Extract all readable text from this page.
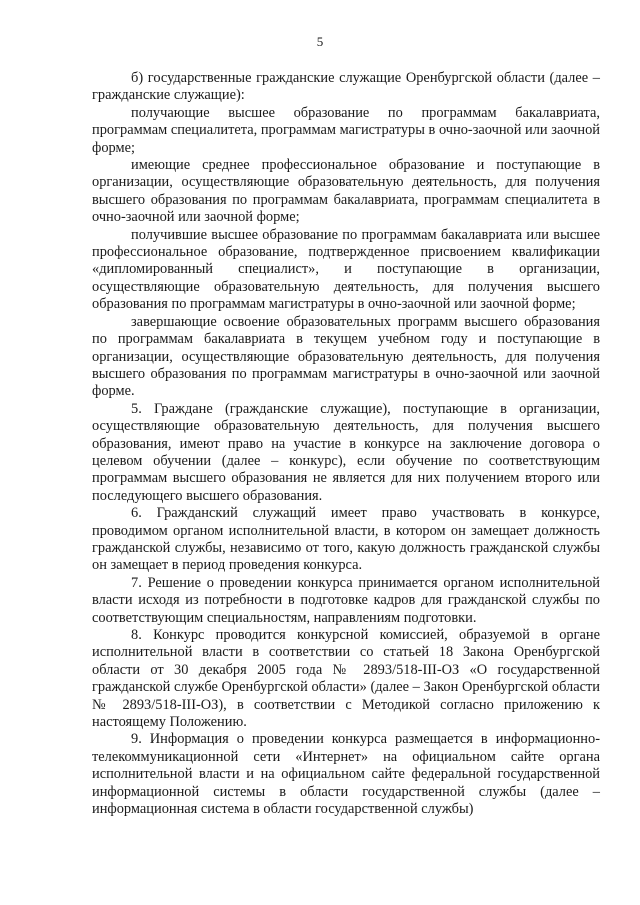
5

б) государственные гражданские служащие Оренбургской области (далее – гражданские служащие):

получающие высшее образование по программам бакалавриата, программам специалитета, программам магистратуры в очно-заочной или заочной форме;

имеющие среднее профессиональное образование и поступающие в организации, осуществляющие образовательную деятельность, для получения высшего образования по программам бакалавриата, программам специалитета в очно-заочной или заочной форме;

получившие высшее образование по программам бакалавриата или высшее профессиональное образование, подтвержденное присвоением квалификации «дипломированный специалист», и поступающие в организации, осуществляющие образовательную деятельность, для получения высшего образования по программам магистратуры в очно-заочной или заочной форме;

завершающие освоение образовательных программ высшего образования по программам бакалавриата в текущем учебном году и поступающие в организации, осуществляющие образовательную деятельность, для получения высшего образования по программам магистратуры в очно-заочной или заочной форме.

5. Граждане (гражданские служащие), поступающие в организации, осуществляющие образовательную деятельность, для получения высшего образования, имеют право на участие в конкурсе на заключение договора о целевом обучении (далее – конкурс), если обучение по соответствующим программам высшего образования не является для них получением второго или последующего высшего образования.

6. Гражданский служащий имеет право участвовать в конкурсе, проводимом органом исполнительной власти, в котором он замещает должность гражданской службы, независимо от того, какую должность гражданской службы он замещает в период проведения конкурса.

7. Решение о проведении конкурса принимается органом исполнительной власти исходя из потребности в подготовке кадров для гражданской службы по соответствующим специальностям, направлениям подготовки.

8. Конкурс проводится конкурсной комиссией, образуемой в органе исполнительной власти в соответствии со статьей 18 Закона Оренбургской области от 30 декабря 2005 года № 2893/518-III-ОЗ «О государственной гражданской службе Оренбургской области» (далее – Закон Оренбургской области № 2893/518-III-ОЗ), в соответствии с Методикой согласно приложению к настоящему Положению.

9. Информация о проведении конкурса размещается в информационно-телекоммуникационной сети «Интернет» на официальном сайте органа исполнительной власти и на официальном сайте федеральной государственной информационной системы в области государственной службы (далее – информационная система в области государственной службы)
